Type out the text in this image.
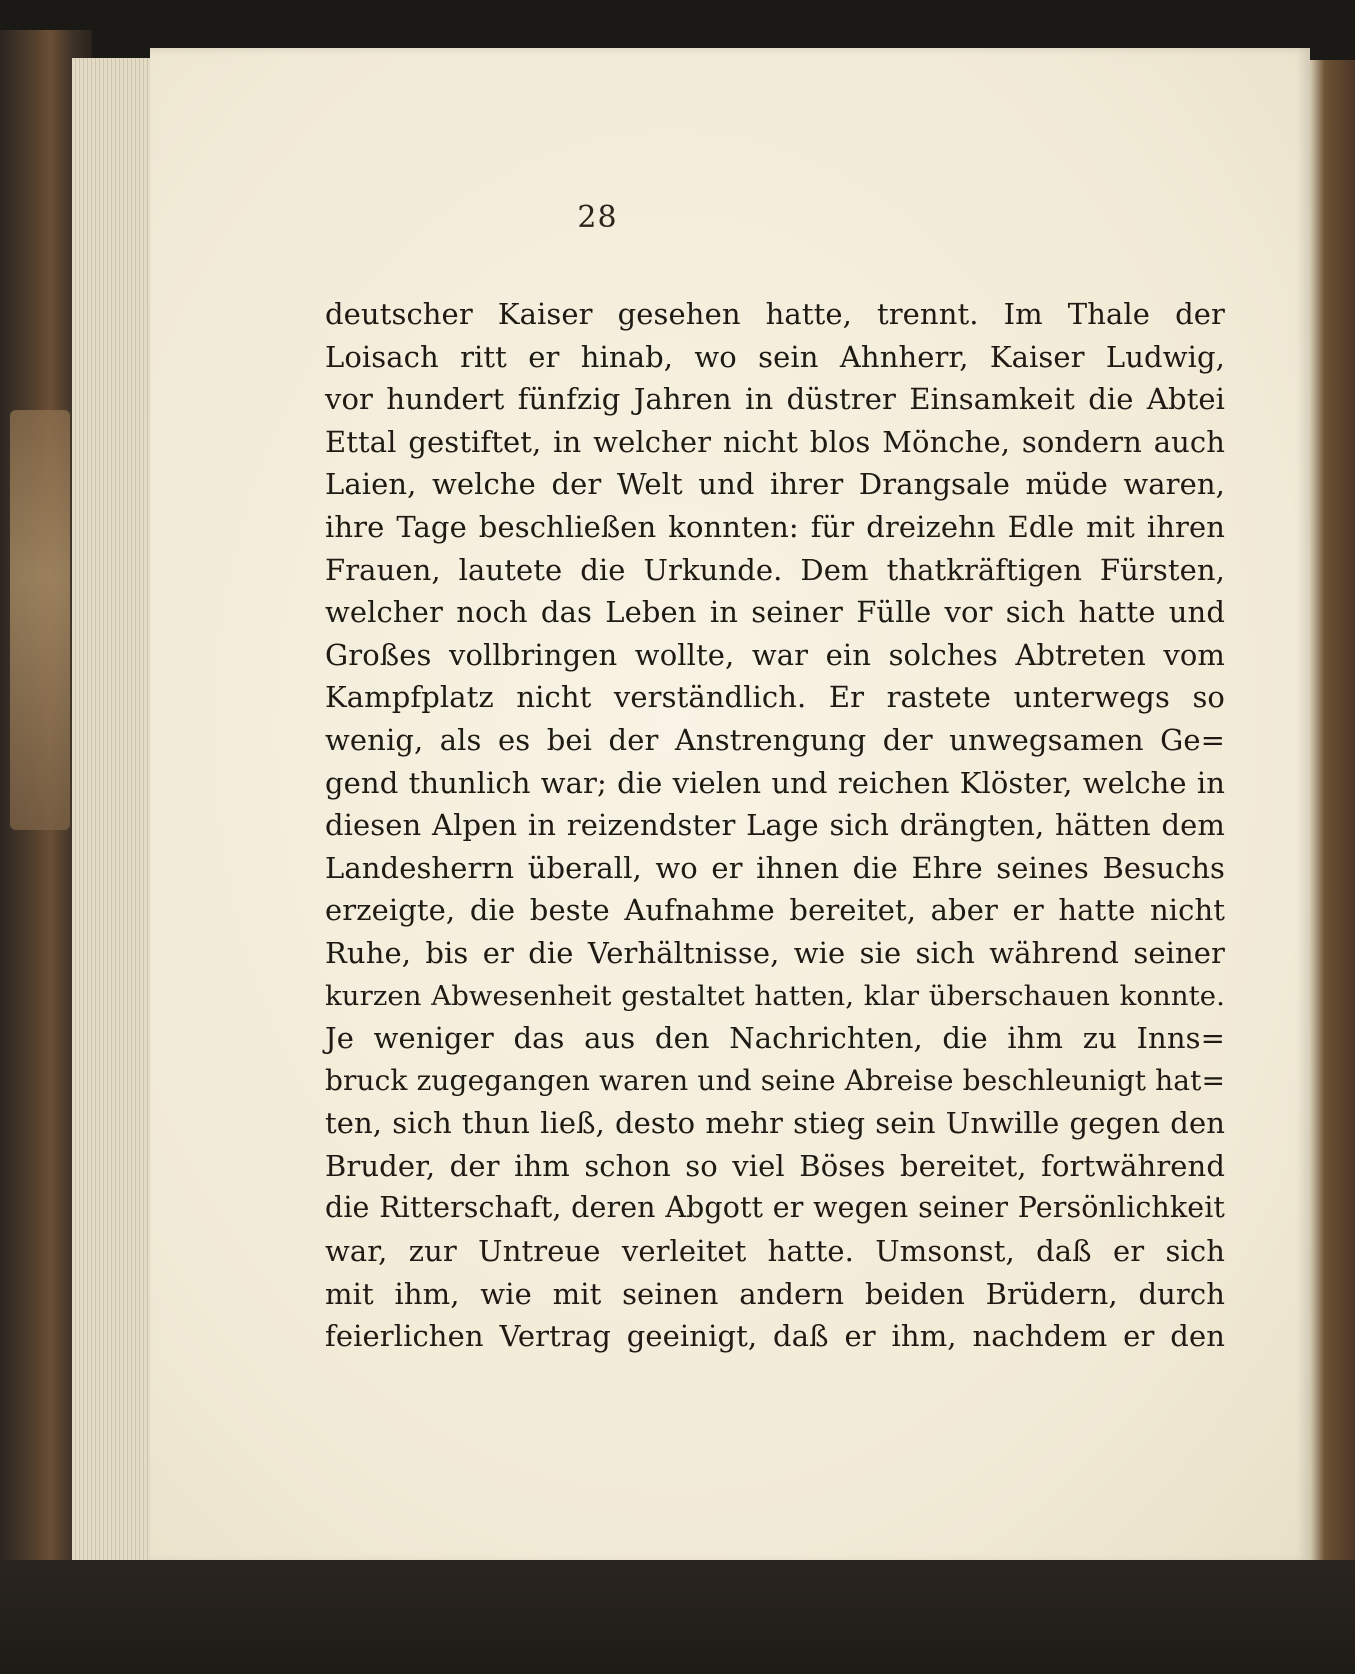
28
deutscher Kaiser gesehen hatte, trennt. Im Thale der
Loisach ritt er hinab, wo sein Ahnherr, Kaiser Ludwig,
vor hundert fünfzig Jahren in düstrer Einsamkeit die Abtei
Ettal gestiftet, in welcher nicht blos Mönche, sondern auch
Laien, welche der Welt und ihrer Drangsale müde waren,
ihre Tage beschließen konnten: für dreizehn Edle mit ihren
Frauen, lautete die Urkunde. Dem thatkräftigen Fürsten,
welcher noch das Leben in seiner Fülle vor sich hatte und
Großes vollbringen wollte, war ein solches Abtreten vom
Kampfplatz nicht verständlich. Er rastete unterwegs so
wenig, als es bei der Anstrengung der unwegsamen Ge=
gend thunlich war; die vielen und reichen Klöster, welche in
diesen Alpen in reizendster Lage sich drängten, hätten dem
Landesherrn überall, wo er ihnen die Ehre seines Besuchs
erzeigte, die beste Aufnahme bereitet, aber er hatte nicht
Ruhe, bis er die Verhältnisse, wie sie sich während seiner
kurzen Abwesenheit gestaltet hatten, klar überschauen konnte.
Je weniger das aus den Nachrichten, die ihm zu Inns=
bruck zugegangen waren und seine Abreise beschleunigt hat=
ten, sich thun ließ, desto mehr stieg sein Unwille gegen den
Bruder, der ihm schon so viel Böses bereitet, fortwährend
die Ritterschaft, deren Abgott er wegen seiner Persönlichkeit
war, zur Untreue verleitet hatte. Umsonst, daß er sich
mit ihm, wie mit seinen andern beiden Brüdern, durch
feierlichen Vertrag geeinigt, daß er ihm, nachdem er den
